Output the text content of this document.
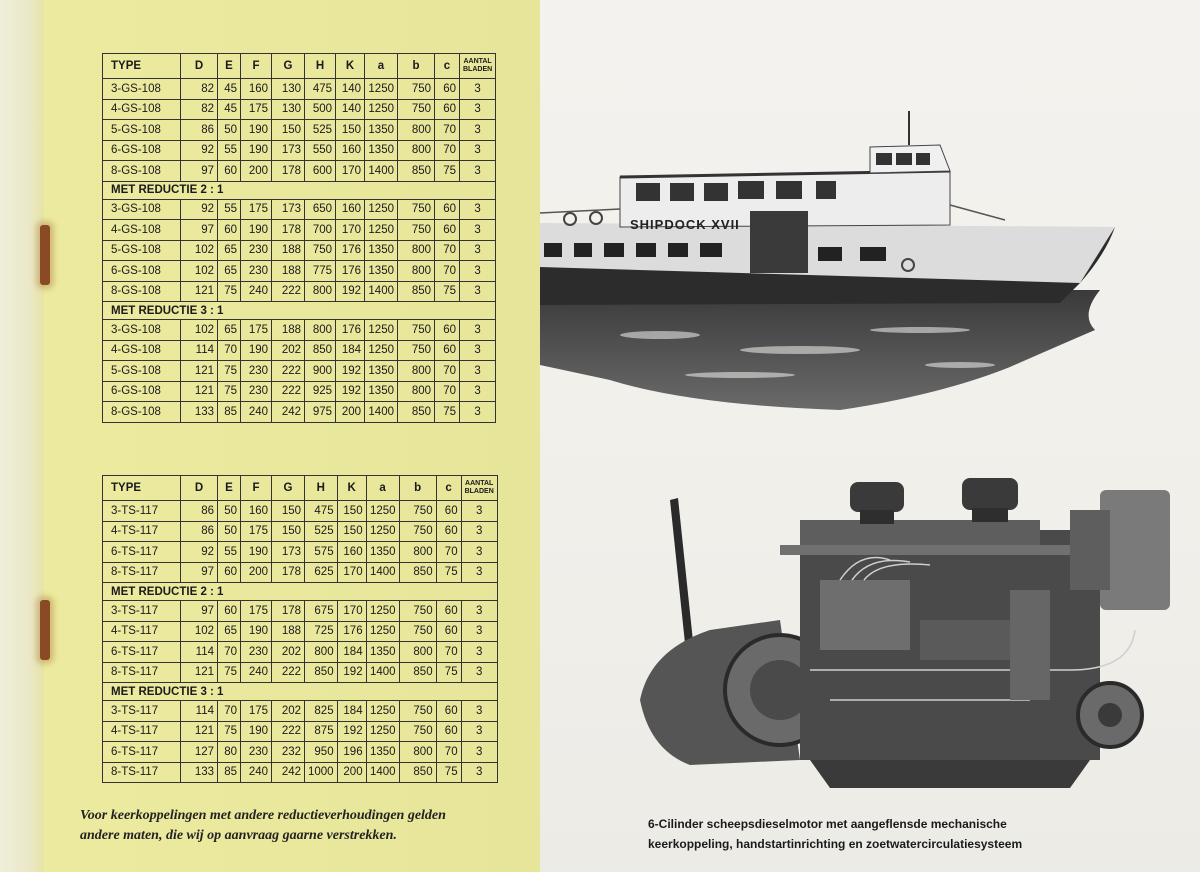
TYPE	D	E	F	G	H	K	a	b	c	AANTAL
BLADEN

3-GS-108	82	45	160	130	475	140	1250	750	60	3
4-GS-108	82	45	175	130	500	140	1250	750	60	3
5-GS-108	86	50	190	150	525	150	1350	800	70	3
6-GS-108	92	55	190	173	550	160	1350	800	70	3
8-GS-108	97	60	200	178	600	170	1400	850	75	3
MET REDUCTIE 2 : 1										
3-GS-108	92	55	175	173	650	160	1250	750	60	3
4-GS-108	97	60	190	178	700	170	1250	750	60	3
5-GS-108	102	65	230	188	750	176	1350	800	70	3
6-GS-108	102	65	230	188	775	176	1350	800	70	3
8-GS-108	121	75	240	222	800	192	1400	850	75	3
MET REDUCTIE 3 : 1										
3-GS-108	102	65	175	188	800	176	1250	750	60	3
4-GS-108	114	70	190	202	850	184	1250	750	60	3
5-GS-108	121	75	230	222	900	192	1350	800	70	3
6-GS-108	121	75	230	222	925	192	1350	800	70	3
8-GS-108	133	85	240	242	975	200	1400	850	75	3
TYPE	D	E	F	G	H	K	a	b	c	AANTAL
BLADEN

3-TS-117	86	50	160	150	475	150	1250	750	60	3
4-TS-117	86	50	175	150	525	150	1250	750	60	3
6-TS-117	92	55	190	173	575	160	1350	800	70	3
8-TS-117	97	60	200	178	625	170	1400	850	75	3
MET REDUCTIE 2 : 1										
3-TS-117	97	60	175	178	675	170	1250	750	60	3
4-TS-117	102	65	190	188	725	176	1250	750	60	3
6-TS-117	114	70	230	202	800	184	1350	800	70	3
8-TS-117	121	75	240	222	850	192	1400	850	75	3
MET REDUCTIE 3 : 1										
3-TS-117	114	70	175	202	825	184	1250	750	60	3
4-TS-117	121	75	190	222	875	192	1250	750	60	3
6-TS-117	127	80	230	232	950	196	1350	800	70	3
8-TS-117	133	85	240	242	1000	200	1400	850	75	3
Voor keerkoppelingen met andere reductieverhoudingen gelden
andere maten, die wij op aanvraag gaarne verstrekken.
SHIPDOCK XVII
6-Cilinder scheepsdieselmotor met aangeflensde mechanische
keerkoppeling, handstartinrichting en zoetwatercirculatiesysteem
